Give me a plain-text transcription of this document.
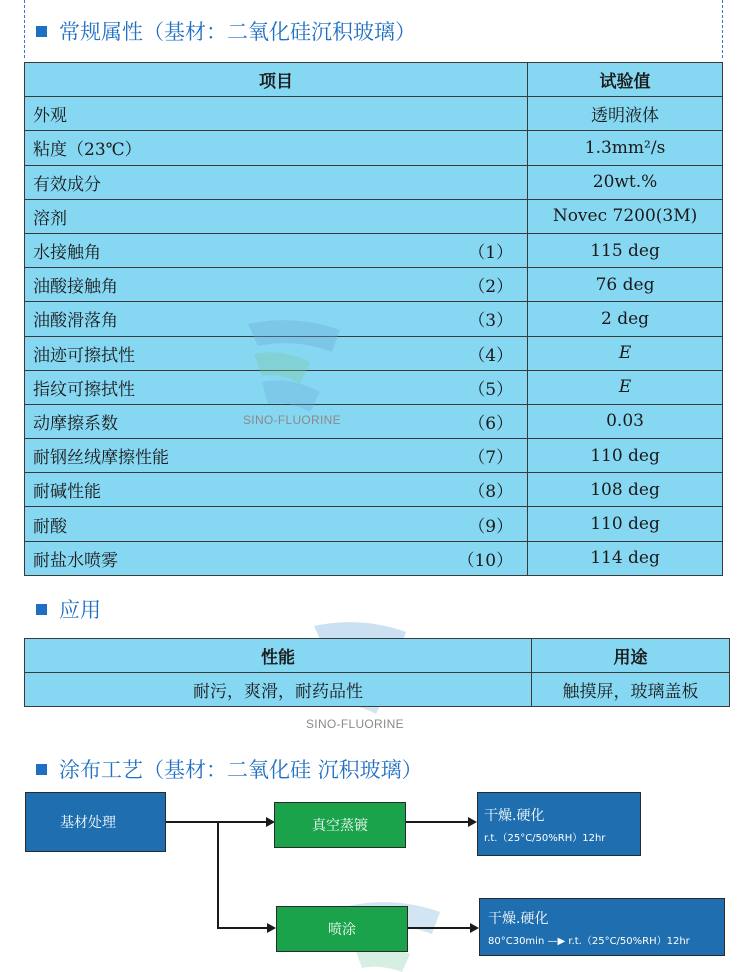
常规属性（基材：二氧化硅沉积玻璃）
项目	试验值

外观	透明液体

粘度（23℃）	1.3mm²/s

有效成分	20wt.%

溶剂	Novec 7200(3M)

水接触角 （1）	115 deg

油酸接触角 （2）	76 deg

油酸滑落角 （3）	2 deg

油迹可擦拭性 （4）	E

指纹可擦拭性 （5）	E

动摩擦系数 （6）	0.03

耐钢丝绒摩擦性能 （7）	110 deg

耐碱性能 （8）	108 deg

耐酸 （9）	110 deg

耐盐水喷雾 （10）	114 deg
SINO-FLUORINE
SINO-FLUORINE
应用
性能	用途
耐污，爽滑，耐药品性	触摸屏，玻璃盖板
涂布工艺（基材：二氧化硅 沉积玻璃）
基材处理	真空蒸镀
干燥.硬化
r.t.（25°C/50%RH）12hr
喷涂
干燥.硬化
80°C30min —▶ r.t.（25°C/50%RH）12hr
